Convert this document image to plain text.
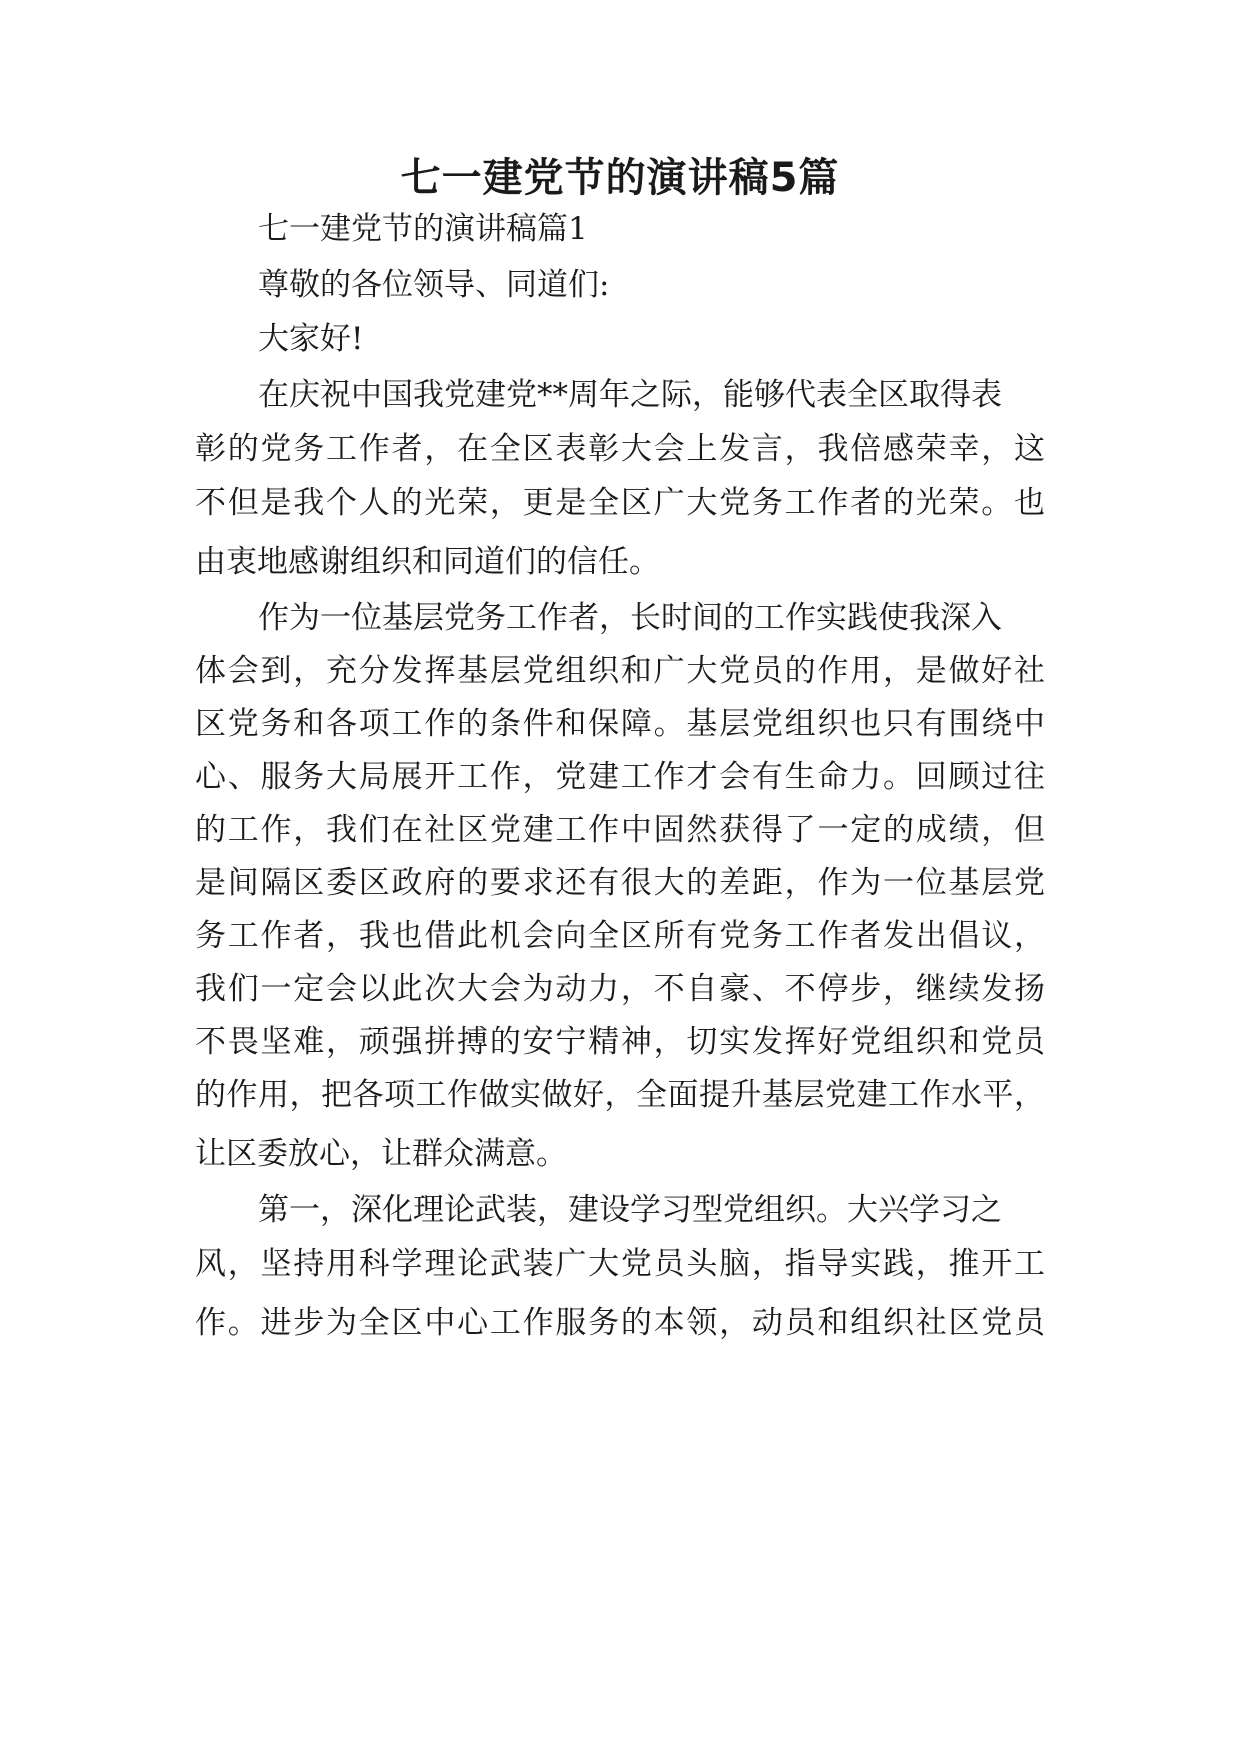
七一建党节的演讲稿5篇
七一建党节的演讲稿篇1
尊敬的各位领导、同道们:
大家好!
在庆祝中国我党建党**周年之际，能够代表全区取得表
彰的党务工作者，在全区表彰大会上发言，我倍感荣幸，这
不但是我个人的光荣，更是全区广大党务工作者的光荣。也
由衷地感谢组织和同道们的信任。
作为一位基层党务工作者，长时间的工作实践使我深入
体会到，充分发挥基层党组织和广大党员的作用，是做好社
区党务和各项工作的条件和保障。基层党组织也只有围绕中
心、服务大局展开工作，党建工作才会有生命力。回顾过往
的工作，我们在社区党建工作中固然获得了一定的成绩，但
是间隔区委区政府的要求还有很大的差距，作为一位基层党
务工作者，我也借此机会向全区所有党务工作者发出倡议，
我们一定会以此次大会为动力，不自豪、不停步，继续发扬
不畏坚难，顽强拼搏的安宁精神，切实发挥好党组织和党员
的作用，把各项工作做实做好，全面提升基层党建工作水平，
让区委放心，让群众满意。
第一，深化理论武装，建设学习型党组织。大兴学习之
风，坚持用科学理论武装广大党员头脑，指导实践，推开工
作。进步为全区中心工作服务的本领，动员和组织社区党员
